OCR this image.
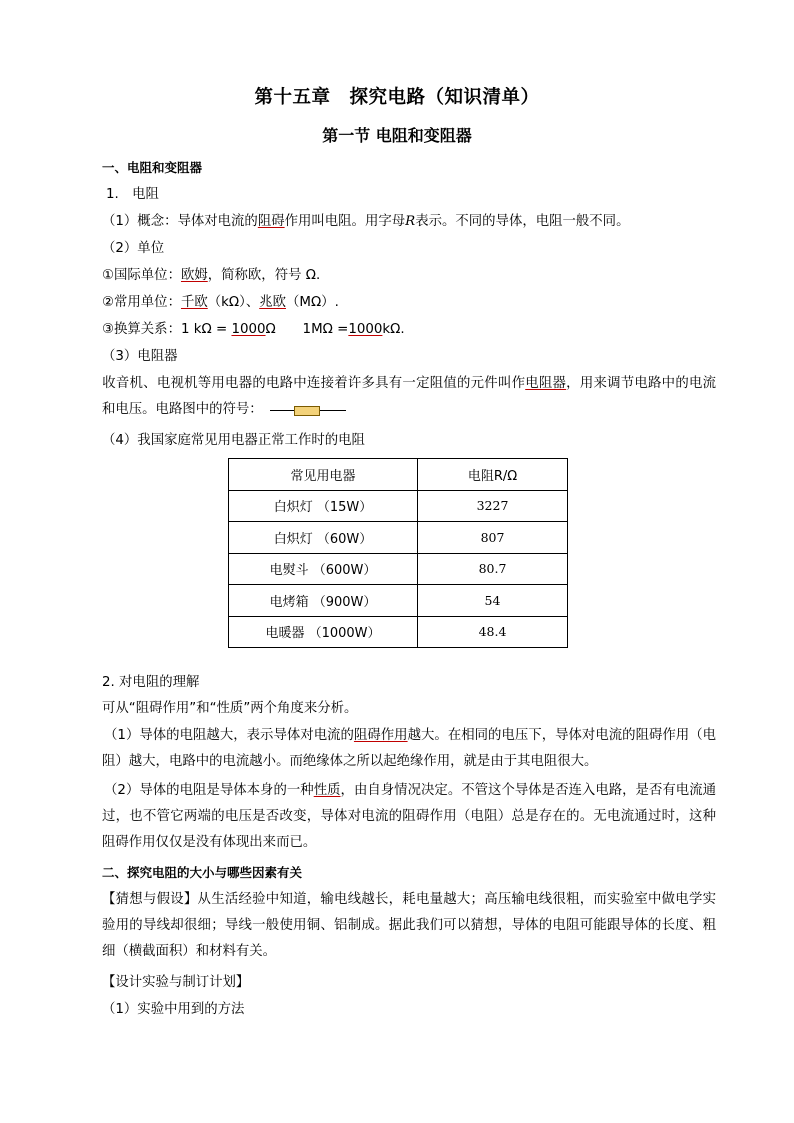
第十五章　探究电路（知识清单）
第一节 电阻和变阻器
一、电阻和变阻器
1.　电阻
（1）概念：导体对电流的阻碍作用叫电阻。用字母R表示。不同的导体，电阻一般不同。
（2）单位
①国际单位：欧姆，简称欧，符号 Ω.
②常用单位：千欧（kΩ）、兆欧（MΩ）.
③换算关系：1 kΩ = 1000Ω  1MΩ =1000kΩ.
（3）电阻器
收音机、电视机等用电器的电路中连接着许多具有一定阻值的元件叫作电阻器，用来调节电路中的电流和电压。电路图中的符号：
（4）我国家庭常见用电器正常工作时的电阻
常见用电器	电阻R/Ω
白炽灯 （15W）	3227
白炽灯 （60W）	807
电熨斗 （600W）	80.7
电烤箱 （900W）	54
电暖器 （1000W）	48.4
2. 对电阻的理解
可从“阻碍作用”和“性质”两个角度来分析。
（1）导体的电阻越大，表示导体对电流的阻碍作用越大。在相同的电压下，导体对电流的阻碍作用（电阻）越大，电路中的电流越小。而绝缘体之所以起绝缘作用，就是由于其电阻很大。
（2）导体的电阻是导体本身的一种性质，由自身情况决定。不管这个导体是否连入电路，是否有电流通过，也不管它两端的电压是否改变，导体对电流的阻碍作用（电阻）总是存在的。无电流通过时，这种阻碍作用仅仅是没有体现出来而已。
二、探究电阻的大小与哪些因素有关
【猜想与假设】从生活经验中知道，输电线越长，耗电量越大；高压输电线很粗，而实验室中做电学实验用的导线却很细；导线一般使用铜、铝制成。据此我们可以猜想，导体的电阻可能跟导体的长度、粗细（横截面积）和材料有关。
【设计实验与制订计划】
（1）实验中用到的方法
